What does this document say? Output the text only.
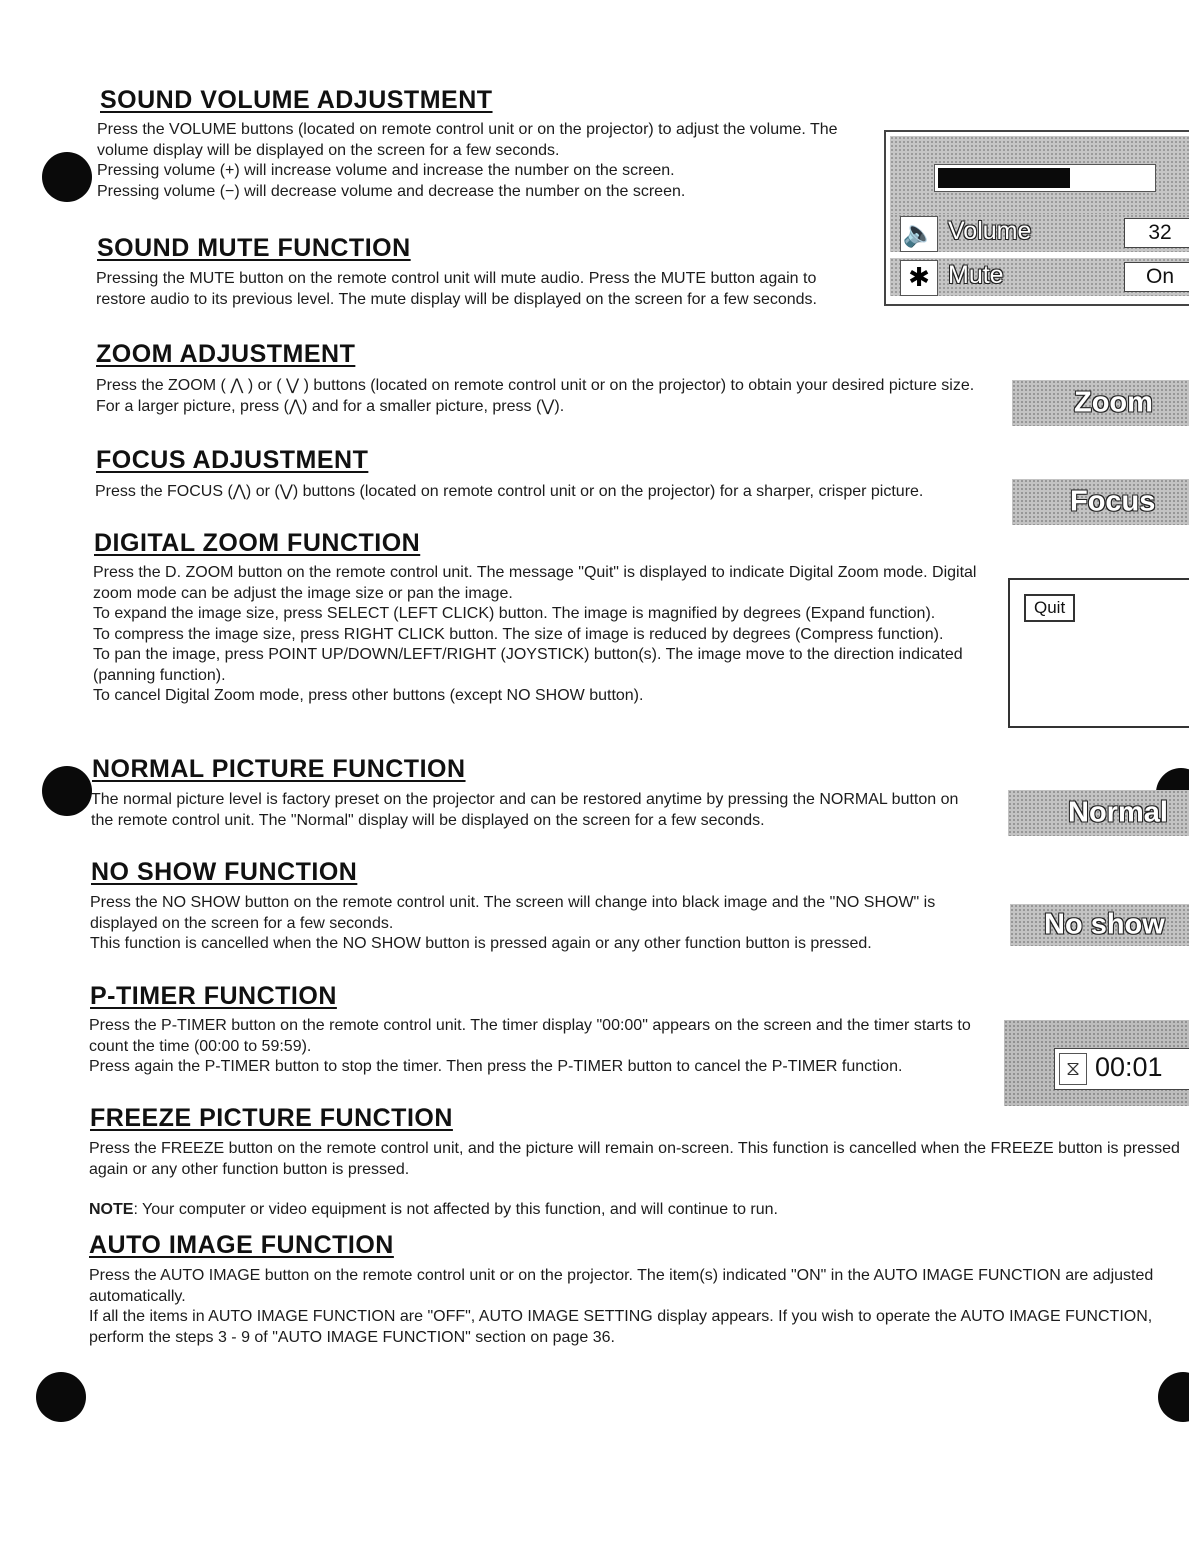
SOUND VOLUME ADJUSTMENT

Press the VOLUME buttons (located on remote control unit or on the projector) to adjust the volume. The volume display will be displayed on the screen for a few seconds.

Pressing volume (+) will increase volume and increase the number on the screen.

Pressing volume (−) will decrease volume and decrease the number on the screen.

SOUND MUTE FUNCTION

Pressing the MUTE button on the remote control unit will mute audio. Press the MUTE button again to restore audio to its previous level. The mute display will be displayed on the screen for a few seconds.

🔈 Volume	32
✱ Mute	On
ZOOM ADJUSTMENT

Press the ZOOM ( ⋀ ) or ( ⋁ ) buttons (located on remote control unit or on the projector) to obtain your desired picture size.

For a larger picture, press (⋀) and for a smaller picture, press (⋁).	Zoom
FOCUS ADJUSTMENT

Press the FOCUS (⋀) or (⋁) buttons (located on remote control unit or on the projector) for a sharper, crisper picture.	Focus
DIGITAL ZOOM FUNCTION

Press the D. ZOOM button on the remote control unit. The message "Quit" is displayed to indicate Digital Zoom mode. Digital zoom mode can be adjust the image size or pan the image.

To expand the image size, press SELECT (LEFT CLICK) button. The image is magnified by degrees (Expand function).

To compress the image size, press RIGHT CLICK button. The size of image is reduced by degrees (Compress function).

To pan the image, press POINT UP/DOWN/LEFT/RIGHT (JOYSTICK) button(s). The image move to the direction indicated (panning function).

To cancel Digital Zoom mode, press other buttons (except NO SHOW button).

Quit
NORMAL PICTURE FUNCTION

The normal picture level is factory preset on the projector and can be restored anytime by pressing the NORMAL button on the remote control unit. The "Normal" display will be displayed on the screen for a few seconds.	Normal
NO SHOW FUNCTION

Press the NO SHOW button on the remote control unit. The screen will change into black image and the "NO SHOW" is displayed on the screen for a few seconds.

This function is cancelled when the NO SHOW button is pressed again or any other function button is pressed.

No show
P-TIMER FUNCTION

Press the P-TIMER button on the remote control unit. The timer display "00:00" appears on the screen and the timer starts to count the time (00:00 to 59:59).

Press again the P-TIMER button to stop the timer. Then press the P-TIMER button to cancel the P-TIMER function.	⧖ 00:01
FREEZE PICTURE FUNCTION

Press the FREEZE button on the remote control unit, and the picture will remain on-screen. This function is cancelled when the FREEZE button is pressed again or any other function button is pressed.

NOTE: Your computer or video equipment is not affected by this function, and will continue to run.

AUTO IMAGE FUNCTION

Press the AUTO IMAGE button on the remote control unit or on the projector. The item(s) indicated "ON" in the AUTO IMAGE FUNCTION are adjusted automatically.

If all the items in AUTO IMAGE FUNCTION are "OFF", AUTO IMAGE SETTING display appears. If you wish to operate the AUTO IMAGE FUNCTION, perform the steps 3 - 9 of "AUTO IMAGE FUNCTION" section on page 36.
